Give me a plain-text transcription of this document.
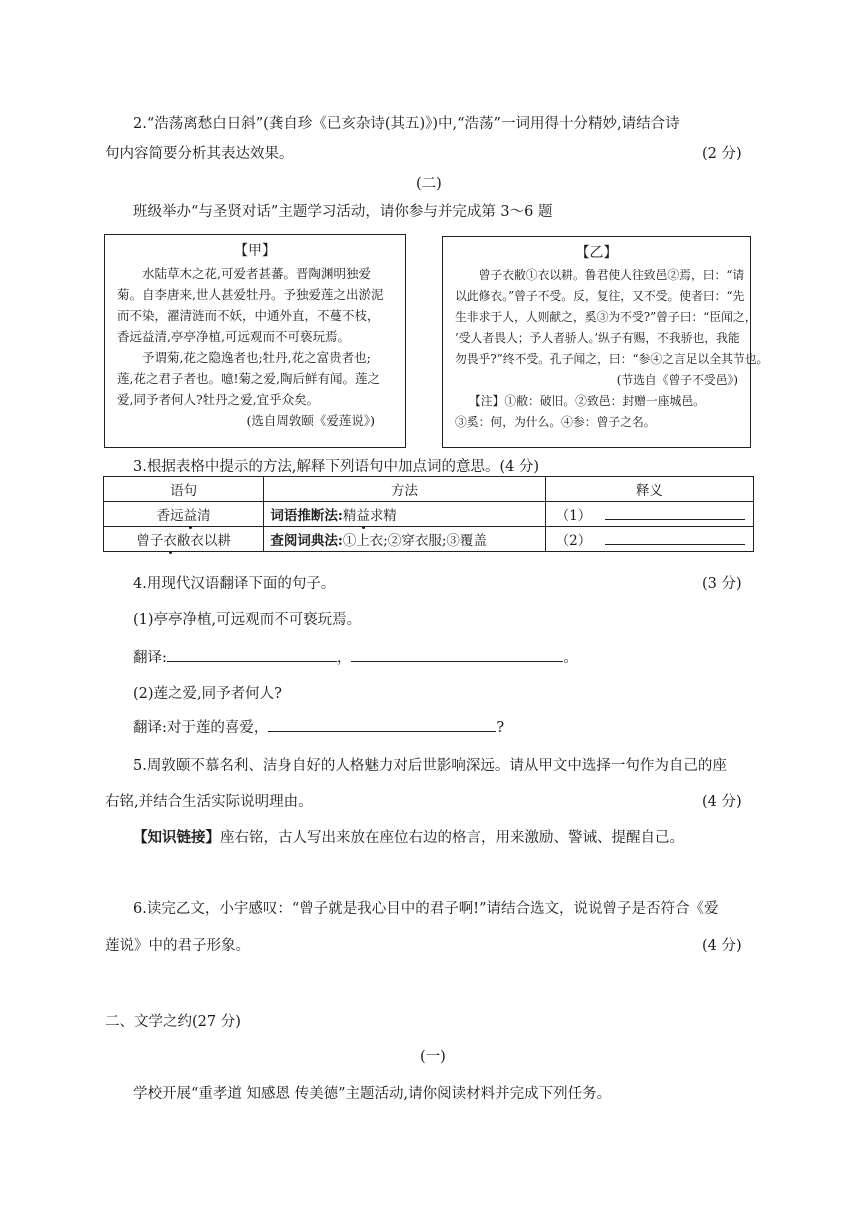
2.“浩荡离愁白日斜”(龚自珍《已亥杂诗(其五)》)中,“浩荡”一词用得十分精妙,请结合诗
句内容简要分析其表达效果。	(2 分)
(二)
班级举办“与圣贤对话”主题学习活动，请你参与并完成第 3～6 题
【甲】

水陆草木之花,可爱者甚蕃。晋陶渊明独爱

菊。自李唐来,世人甚爱牡丹。予独爱莲之出淤泥
而不染，濯清涟而不妖，中通外直，不蔓不枝，
香远益清,亭亭净植,可远观而不可亵玩焉。

予谓菊,花之隐逸者也;牡丹,花之富贵者也;

莲,花之君子者也。噫!菊之爱,陶后鲜有闻。莲之
爱,同予者何人?牡丹之爱,宜乎众矣。
(选自周敦颐《爱莲说》)
【乙】

曾子衣敝①衣以耕。鲁君使人往致邑②焉，曰：“请

以此修衣。”曾子不受。反，复往，又不受。使者曰：“先
生非求于人，人则献之，奚③为不受?”曾子曰：“臣闻之，
’受人者畏人；予人者骄人。’纵子有赐，不我骄也，我能
勿畏乎?”终不受。孔子闻之，曰：“参④之言足以全其节也。
(节选自《曾子不受邑》)
【注】①敝：破旧。②致邑：封赠一座城邑。
③奚：何，为什么。④参：曾子之名。
3.根据表格中提示的方法,解释下列语句中加点词的意思。(4 分)
语句	方法	释义
香远益清	词语推断法:精益求精	（1）
曾子衣敝衣以耕	查阅词典法:①上衣;②穿衣服;③覆盖	（2）
4.用现代汉语翻译下面的句子。	(3 分)
(1)亭亭净植,可远观而不可亵玩焉。
翻译:	，	。
(2)莲之爱,同予者何人?
翻译:对于莲的喜爱，	?
5.周敦颐不慕名利、洁身自好的人格魅力对后世影响深远。请从甲文中选择一句作为自己的座
右铭,并结合生活实际说明理由。	(4 分)
【知识链接】座右铭，古人写出来放在座位右边的格言，用来激励、警诫、提醒自己。
6.读完乙文，小宇感叹：“曾子就是我心目中的君子啊!”请结合选文，说说曾子是否符合《爱
莲说》中的君子形象。	(4 分)
二、文学之约(27 分)
(一)
学校开展“重孝道 知感恩 传美德”主题活动,请你阅读材料并完成下列任务。
